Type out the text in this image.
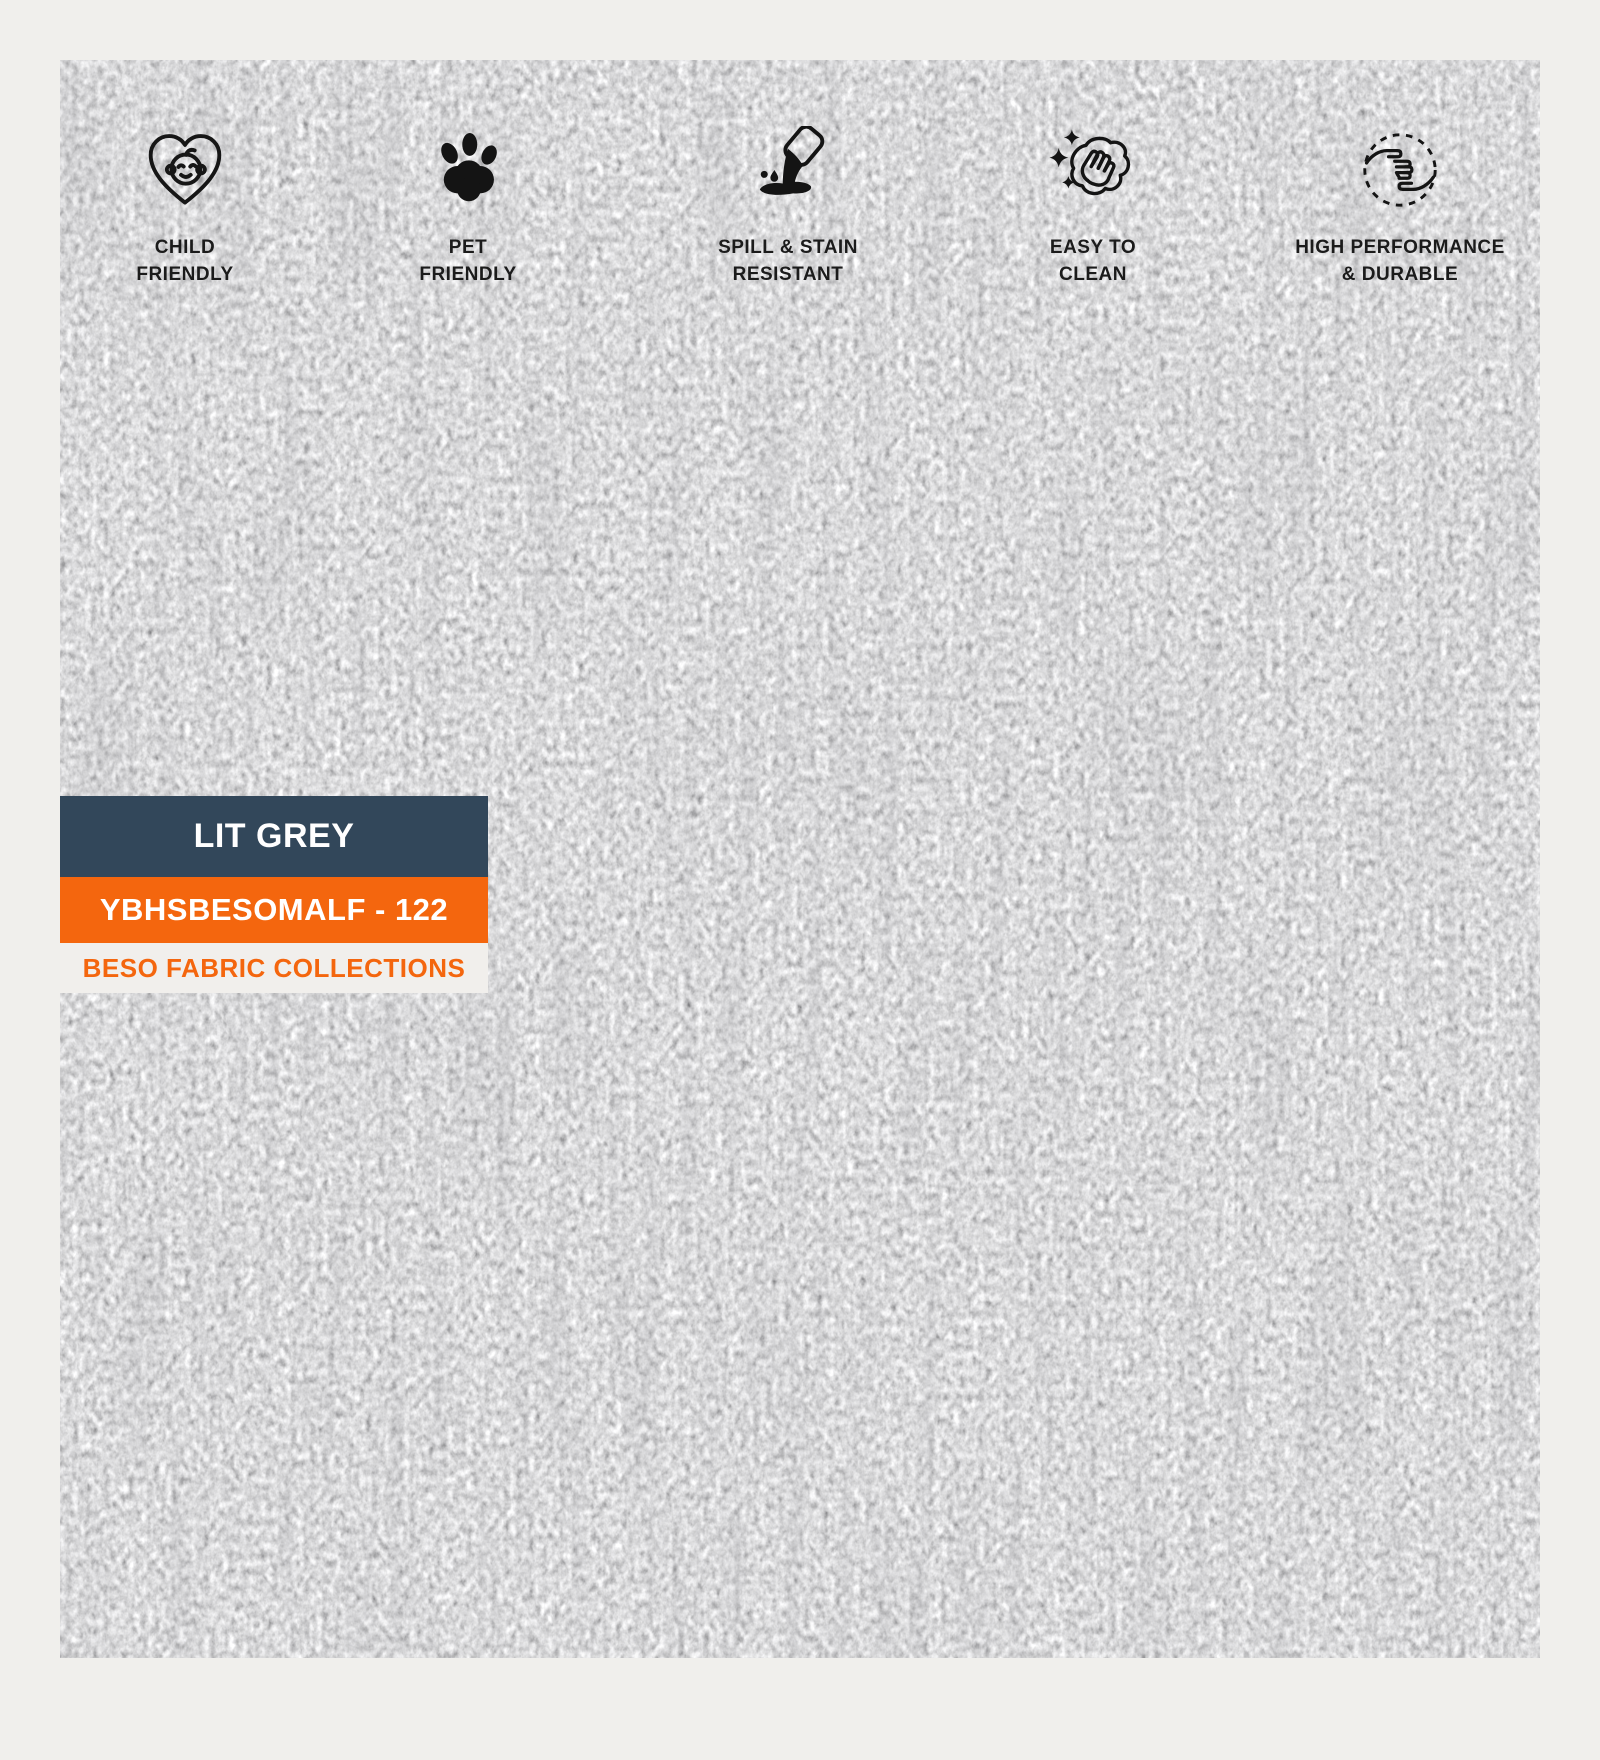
CHILD
FRIENDLY
PET
FRIENDLY
SPILL & STAIN
RESISTANT
EASY TO
CLEAN
HIGH PERFORMANCE
& DURABLE
LIT GREY
YBHSBESOMALF - 122
BESO FABRIC COLLECTIONS
